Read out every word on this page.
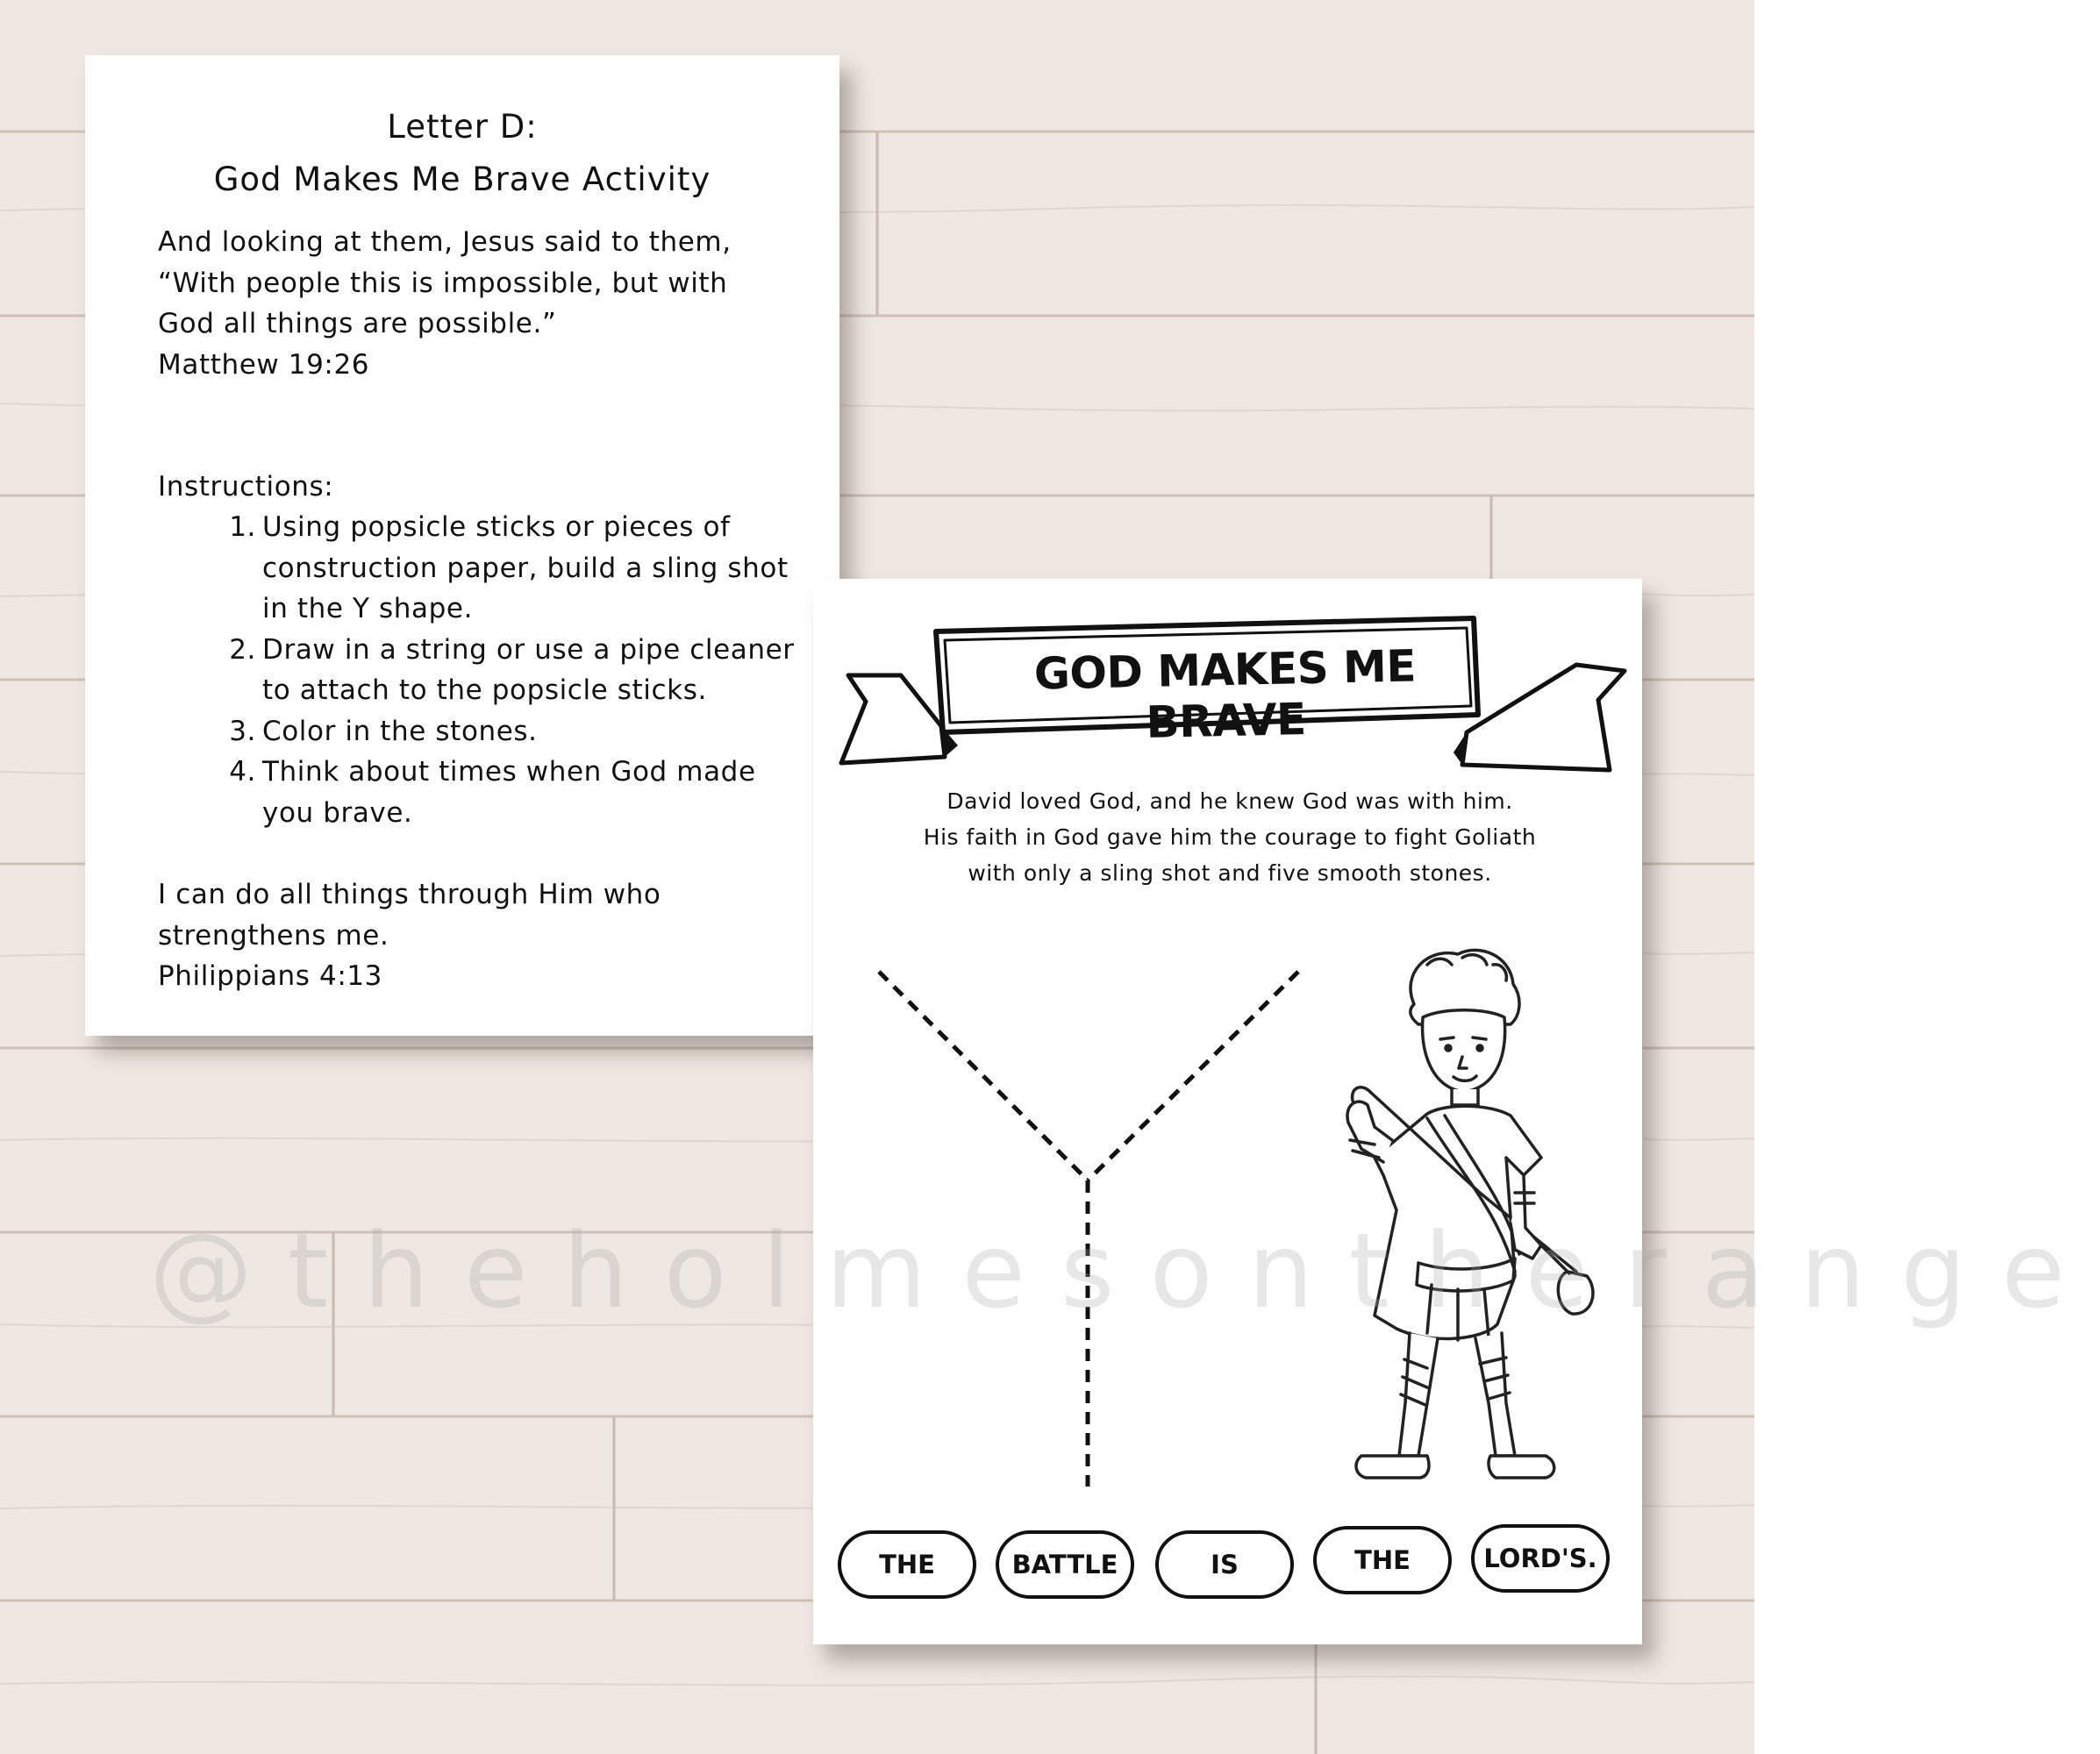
Letter D:
God Makes Me Brave Activity
And looking at them, Jesus said to them,
“With people this is impossible, but with
God all things are possible.”
Matthew 19:26
Instructions:
1. Using popsicle sticks or pieces of
construction paper, build a sling shot
in the Y shape.
2. Draw in a string or use a pipe cleaner
to attach to the popsicle sticks.
3. Color in the stones.
4. Think about times when God made
you brave.
I can do all things through Him who
strengthens me.
Philippians 4:13
GOD MAKES ME BRAVE
David loved God, and he knew God was with him.
His faith in God gave him the courage to fight Goliath
with only a sling shot and five smooth stones.
THE	BATTLE	IS	THE	LORD'S.
@theholmesontherange
